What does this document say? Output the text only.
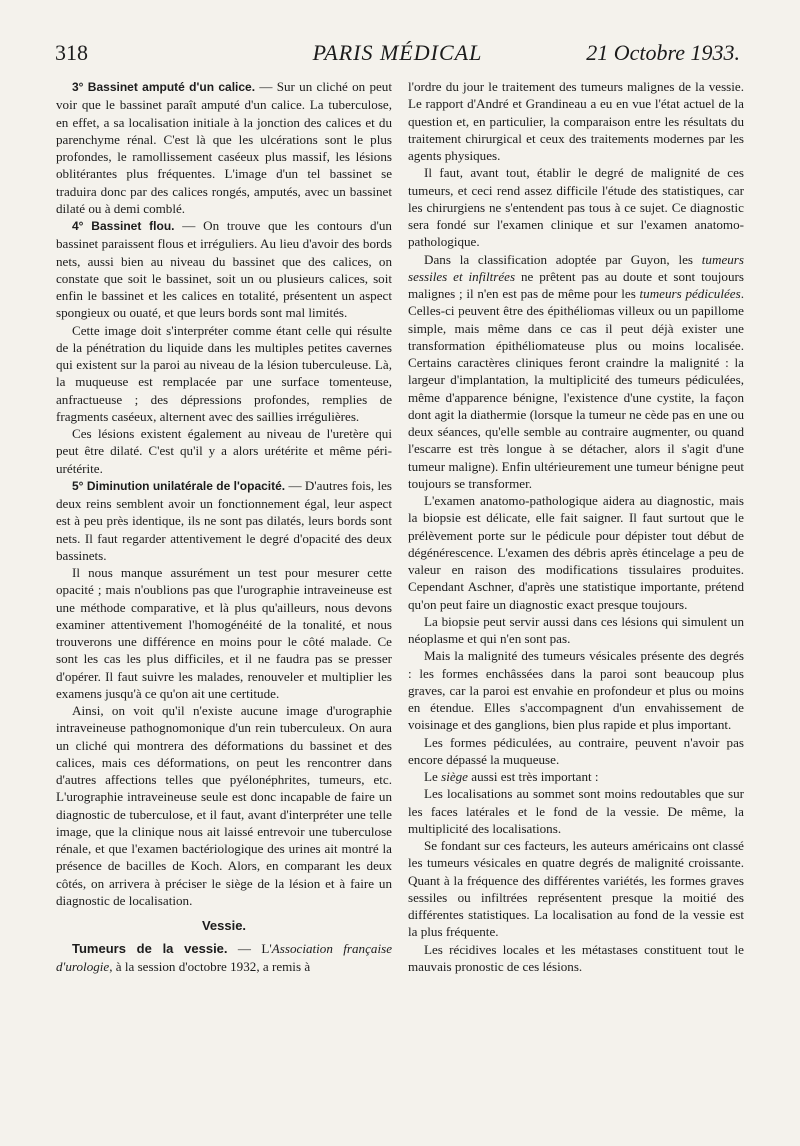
318	PARIS MÉDICAL	21 Octobre 1933.

3° Bassinet amputé d'un calice. — Sur un cliché on peut voir que le bassinet paraît amputé d'un calice. La tuberculose, en effet, a sa localisation initiale à la jonction des calices et du parenchyme rénal. C'est là que les ulcérations sont le plus profondes, le ramollissement caséeux plus massif, les lésions oblitérantes plus fréquentes. L'image d'un tel bassinet se traduira donc par des calices rongés, amputés, avec un bassinet dilaté ou à demi comblé.

4° Bassinet flou. — On trouve que les contours d'un bassinet paraissent flous et irréguliers. Au lieu d'avoir des bords nets, aussi bien au niveau du bassinet que des calices, on constate que soit le bassinet, soit un ou plusieurs calices, soit enfin le bassinet et les calices en totalité, présentent un aspect spongieux ou ouaté, et que leurs bords sont mal limités.

Cette image doit s'interpréter comme étant celle qui résulte de la pénétration du liquide dans les multiples petites cavernes qui existent sur la paroi au niveau de la lésion tuberculeuse. Là, la muqueuse est remplacée par une surface tomenteuse, anfractueuse ; des dépressions profondes, remplies de fragments caséeux, alternent avec des saillies irrégulières.

Ces lésions existent également au niveau de l'uretère qui peut être dilaté. C'est qu'il y a alors urétérite et même péri-urétérite.

5° Diminution unilatérale de l'opacité. — D'autres fois, les deux reins semblent avoir un fonctionnement égal, leur aspect est à peu près identique, ils ne sont pas dilatés, leurs bords sont nets. Il faut regarder attentivement le degré d'opacité des deux bassinets.

Il nous manque assurément un test pour mesurer cette opacité ; mais n'oublions pas que l'urographie intraveineuse est une méthode comparative, et là plus qu'ailleurs, nous devons examiner attentivement l'homogénéité de la tonalité, et nous trouverons une différence en moins pour le côté malade. Ce sont les cas les plus difficiles, et il ne faudra pas se presser d'opérer. Il faut suivre les malades, renouveler et multiplier les examens jusqu'à ce qu'on ait une certitude.

Ainsi, on voit qu'il n'existe aucune image d'urographie intraveineuse pathognomonique d'un rein tuberculeux. On aura un cliché qui montrera des déformations du bassinet et des calices, mais ces déformations, on peut les rencontrer dans d'autres affections telles que pyélonéphrites, tumeurs, etc. L'urographie intraveineuse seule est donc incapable de faire un diagnostic de tuberculose, et il faut, avant d'interpréter une telle image, que la clinique nous ait laissé entrevoir une tuberculose rénale, et que l'examen bactériologique des urines ait montré la présence de bacilles de Koch. Alors, en comparant les deux côtés, on arrivera à préciser le siège de la lésion et à faire un diagnostic de localisation.

Vessie.

Tumeurs de la vessie. — L'Association française d'urologie, à la session d'octobre 1932, a remis à

l'ordre du jour le traitement des tumeurs malignes de la vessie. Le rapport d'André et Grandineau a eu en vue l'état actuel de la question et, en particulier, la comparaison entre les résultats du traitement chirurgical et ceux des traitements modernes par les agents physiques.

Il faut, avant tout, établir le degré de malignité de ces tumeurs, et ceci rend assez difficile l'étude des statistiques, car les chirurgiens ne s'entendent pas tous à ce sujet. Ce diagnostic sera fondé sur l'examen clinique et sur l'examen anatomo-pathologique.

Dans la classification adoptée par Guyon, les tumeurs sessiles et infiltrées ne prêtent pas au doute et sont toujours malignes ; il n'en est pas de même pour les tumeurs pédiculées. Celles-ci peuvent être des épithéliomas villeux ou un papillome simple, mais même dans ce cas il peut déjà exister une transformation épithéliomateuse plus ou moins localisée. Certains caractères cliniques feront craindre la malignité : la largeur d'implantation, la multiplicité des tumeurs pédiculées, même d'apparence bénigne, l'existence d'une cystite, la façon dont agit la diathermie (lorsque la tumeur ne cède pas en une ou deux séances, qu'elle semble au contraire augmenter, ou quand l'escarre est très longue à se détacher, alors il s'agit d'une tumeur maligne). Enfin ultérieurement une tumeur bénigne peut toujours se transformer.

L'examen anatomo-pathologique aidera au diagnostic, mais la biopsie est délicate, elle fait saigner. Il faut surtout que le prélèvement porte sur le pédicule pour dépister tout début de dégénérescence. L'examen des débris après étincelage a peu de valeur en raison des modifications tissulaires produites. Cependant Aschner, d'après une statistique importante, prétend qu'on peut faire un diagnostic exact presque toujours.

La biopsie peut servir aussi dans ces lésions qui simulent un néoplasme et qui n'en sont pas.

Mais la malignité des tumeurs vésicales présente des degrés : les formes enchâssées dans la paroi sont beaucoup plus graves, car la paroi est envahie en profondeur et plus ou moins en étendue. Elles s'accompagnent d'un envahissement de voisinage et des ganglions, bien plus rapide et plus important.

Les formes pédiculées, au contraire, peuvent n'avoir pas encore dépassé la muqueuse.

Le siège aussi est très important :

Les localisations au sommet sont moins redoutables que sur les faces latérales et le fond de la vessie. De même, la multiplicité des localisations.

Se fondant sur ces facteurs, les auteurs américains ont classé les tumeurs vésicales en quatre degrés de malignité croissante. Quant à la fréquence des différentes variétés, les formes graves sessiles ou infiltrées représentent presque la moitié des différentes statistiques. La localisation au fond de la vessie est la plus fréquente.

Les récidives locales et les métastases constituent tout le mauvais pronostic de ces lésions.
